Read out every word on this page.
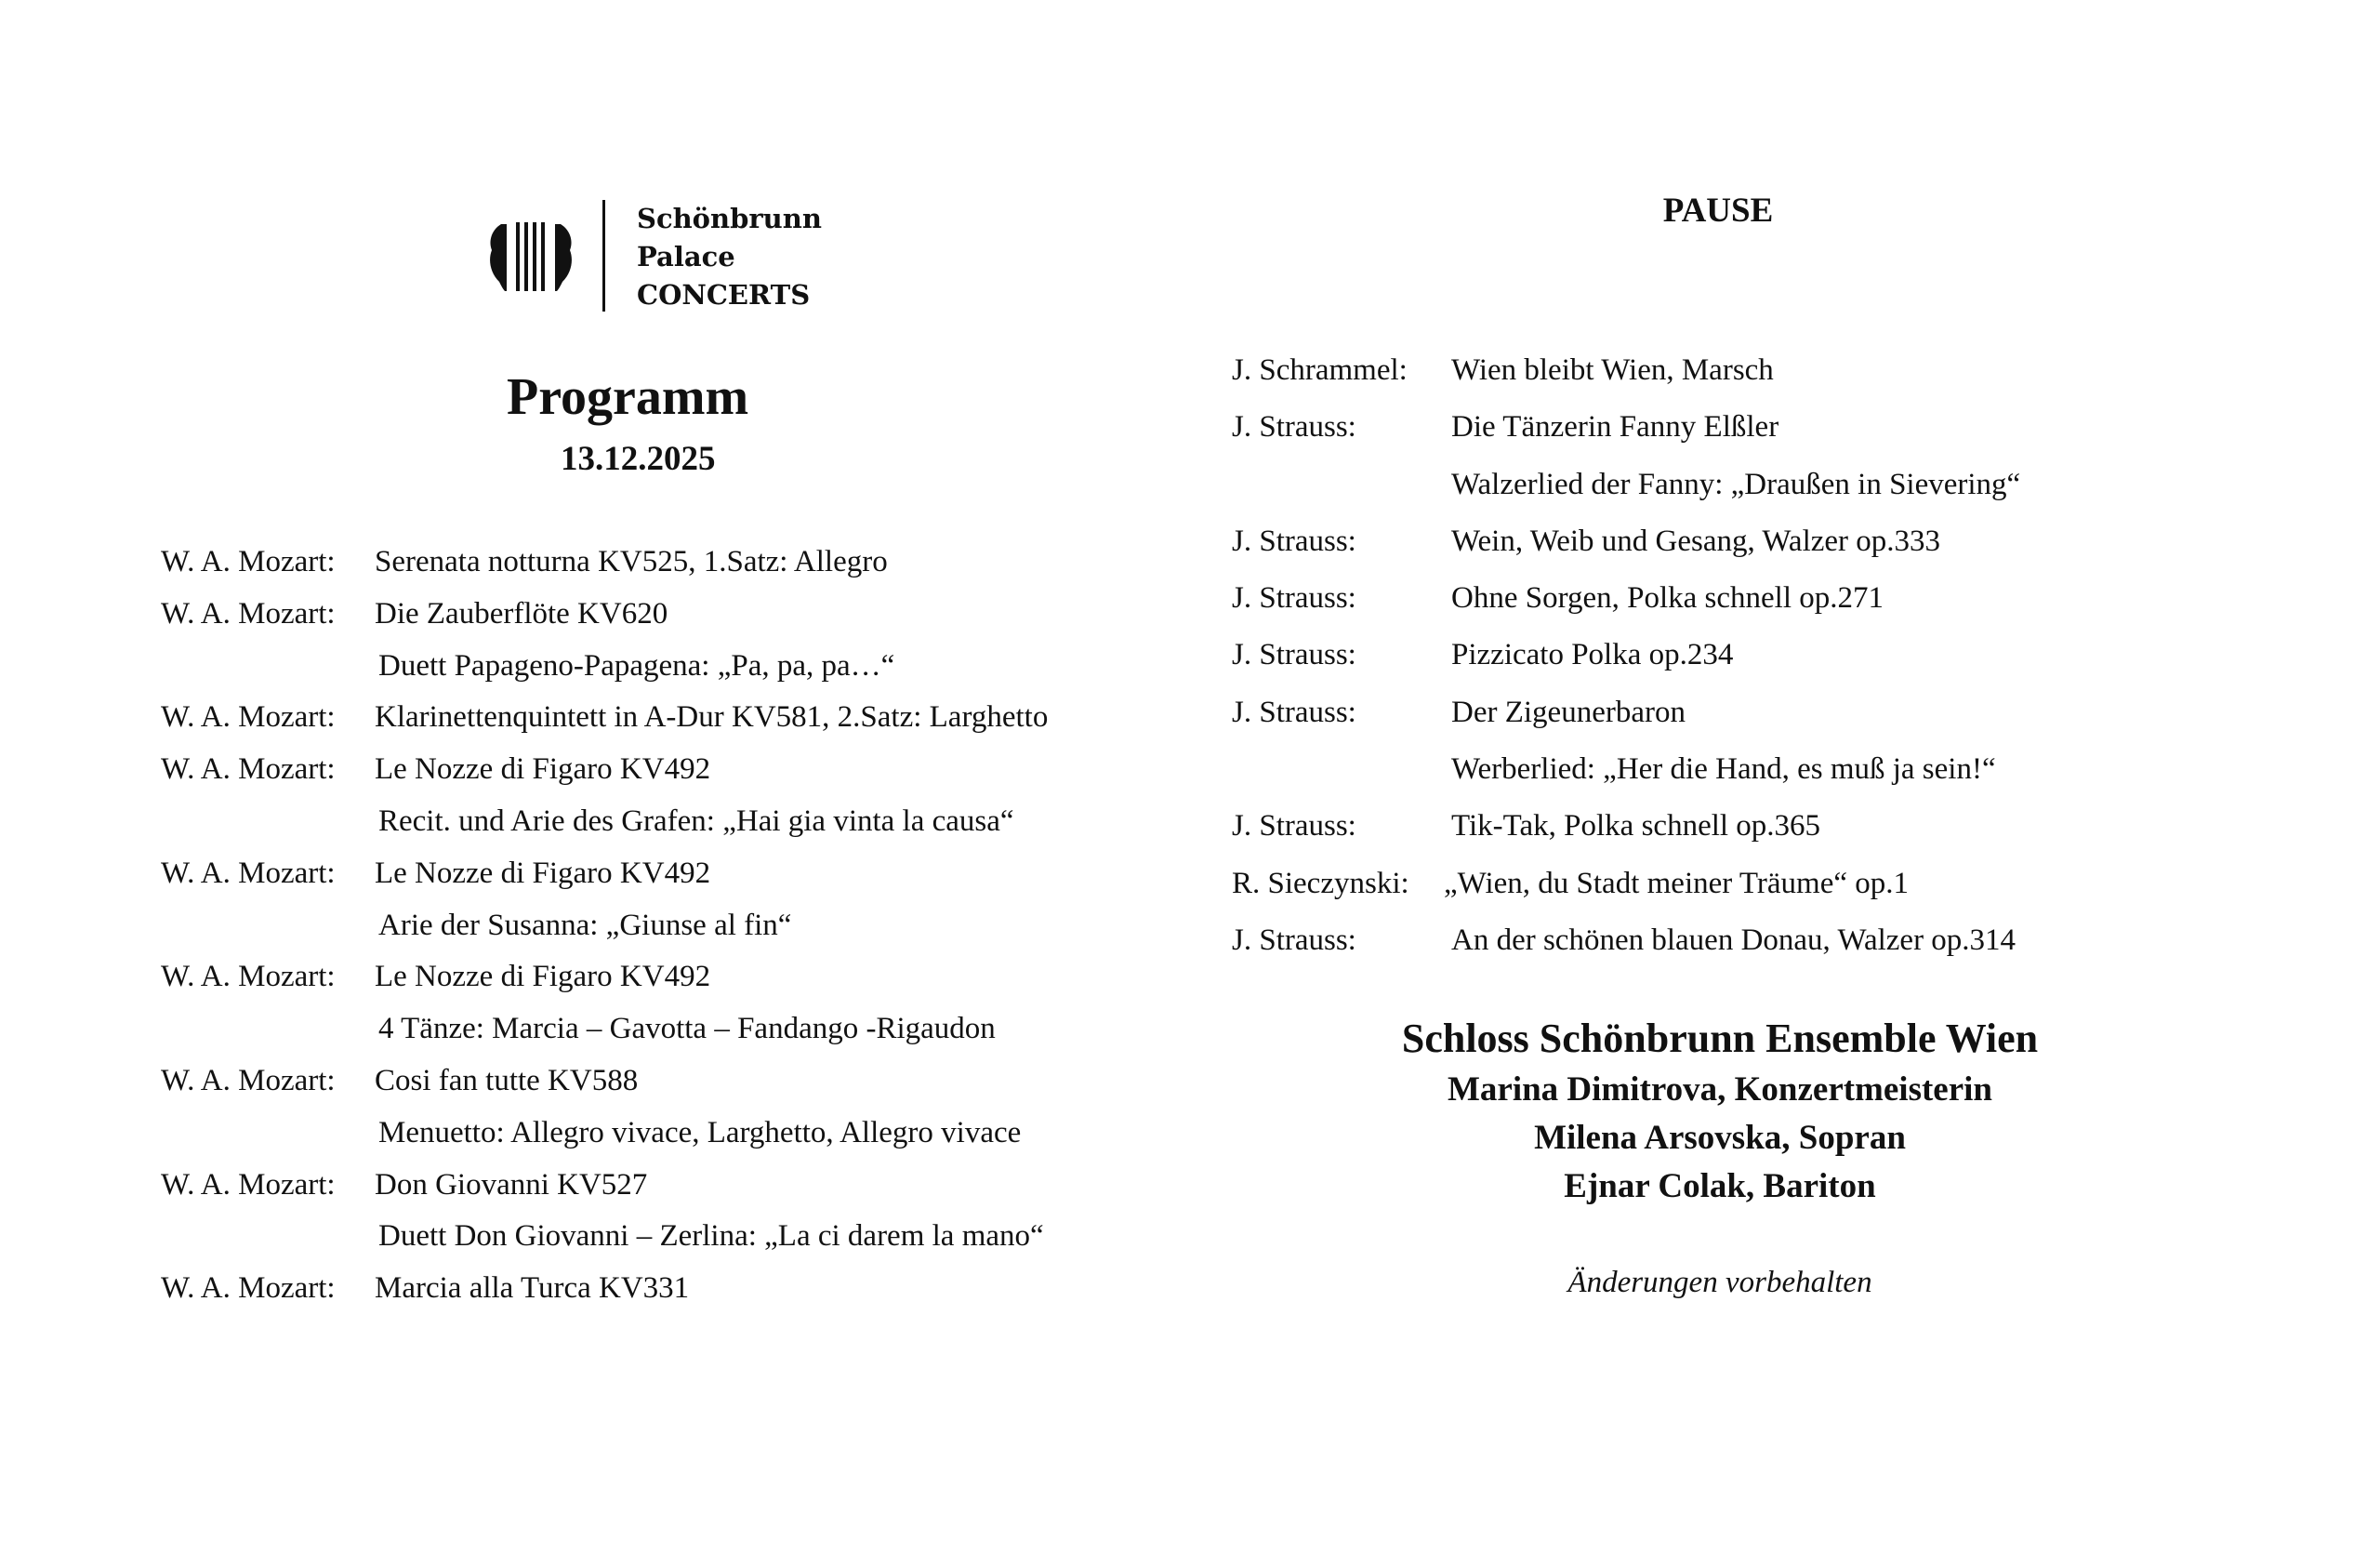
Schönbrunn
Palace
CONCERTS
Programm
13.12.2025
W. A. Mozart: Serenata notturna KV525, 1.Satz: Allegro
W. A. Mozart: Die Zauberflöte KV620
Duett Papageno-Papagena: „Pa, pa, pa…“
W. A. Mozart: Klarinettenquintett in A-Dur KV581, 2.Satz: Larghetto
W. A. Mozart: Le Nozze di Figaro KV492
Recit. und Arie des Grafen: „Hai gia vinta la causa“
W. A. Mozart: Le Nozze di Figaro KV492
Arie der Susanna: „Giunse al fin“
W. A. Mozart: Le Nozze di Figaro KV492
4 Tänze: Marcia – Gavotta – Fandango -Rigaudon
W. A. Mozart: Cosi fan tutte KV588
Menuetto: Allegro vivace, Larghetto, Allegro vivace
W. A. Mozart: Don Giovanni KV527
Duett Don Giovanni – Zerlina: „La ci darem la mano“
W. A. Mozart: Marcia alla Turca KV331
PAUSE
J. Schrammel: Wien bleibt Wien, Marsch
J. Strauss:	Die Tänzerin Fanny Elßler
Walzerlied der Fanny: „Draußen in Sievering“
J. Strauss:	Wein, Weib und Gesang, Walzer op.333
J. Strauss:	Ohne Sorgen, Polka schnell op.271
J. Strauss:	Pizzicato Polka op.234
J. Strauss:	Der Zigeunerbaron
Werberlied: „Her die Hand, es muß ja sein!“
J. Strauss:	Tik-Tak, Polka schnell op.365
R. Sieczynski: „Wien, du Stadt meiner Träume“ op.1
J. Strauss:	An der schönen blauen Donau, Walzer op.314
Schloss Schönbrunn Ensemble Wien
Marina Dimitrova, Konzertmeisterin
Milena Arsovska, Sopran
Ejnar Colak, Bariton
Änderungen vorbehalten
